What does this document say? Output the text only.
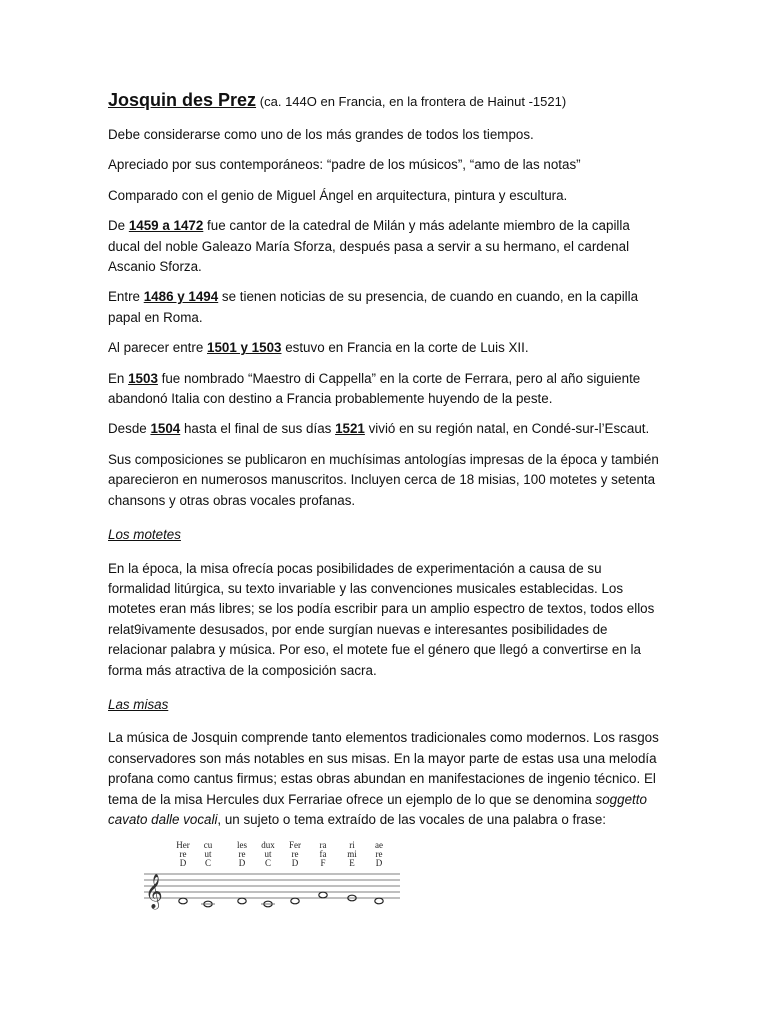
Josquin des Prez (ca. 144O en Francia, en la frontera de Hainut -1521)

Debe considerarse como uno de los más grandes de todos los tiempos.

Apreciado por sus contemporáneos: “padre de los músicos”, “amo de las notas”

Comparado con el genio de Miguel Ángel en arquitectura, pintura y escultura.

De 1459 a 1472 fue cantor de la catedral de Milán y más adelante miembro de la capilla ducal del noble Galeazo María Sforza, después pasa a servir a su hermano, el cardenal Ascanio Sforza.

Entre 1486 y 1494 se tienen noticias de su presencia, de cuando en cuando, en la capilla papal en Roma.

Al parecer entre 1501 y 1503 estuvo en Francia en la corte de Luis XII.

En 1503 fue nombrado “Maestro di Cappella” en la corte de Ferrara, pero al año siguiente abandonó Italia con destino a Francia probablemente huyendo de la peste.

Desde 1504 hasta el final de sus días 1521 vivió en su región natal, en Condé-sur-l’Escaut.

Sus composiciones se publicaron en muchísimas antologías impresas de la época y también aparecieron en numerosos manuscritos. Incluyen cerca de 18 misias, 100 motetes y setenta chansons y otras obras vocales profanas.

Los motetes

En la época, la misa ofrecía pocas posibilidades de experimentación a causa de su formalidad litúrgica, su texto invariable y las convenciones musicales establecidas. Los motetes eran más libres; se los podía escribir para un amplio espectro de textos, todos ellos relat9ivamente desusados, por ende surgían nuevas e interesantes posibilidades de relacionar palabra y música. Por eso, el motete fue el género que llegó a convertirse en la forma más atractiva de la composición sacra.

Las misas

La música de Josquin comprende tanto elementos tradicionales como modernos. Los rasgos conservadores son más notables en sus misas. En la mayor parte de estas usa una melodía profana como cantus firmus; estas obras abundan en manifestaciones de ingenio técnico. El tema de la misa Hercules dux Ferrariae ofrece un ejemplo de lo que se denomina soggetto cavato dalle vocali, un sujeto o tema extraído de las vocales de una palabra o frase:

𝄞
Her
re
D
cu
ut
C
les
re
D
dux
ut
C
Fer
re
D
ra
fa
F
ri
mi
E
ae
re
D
